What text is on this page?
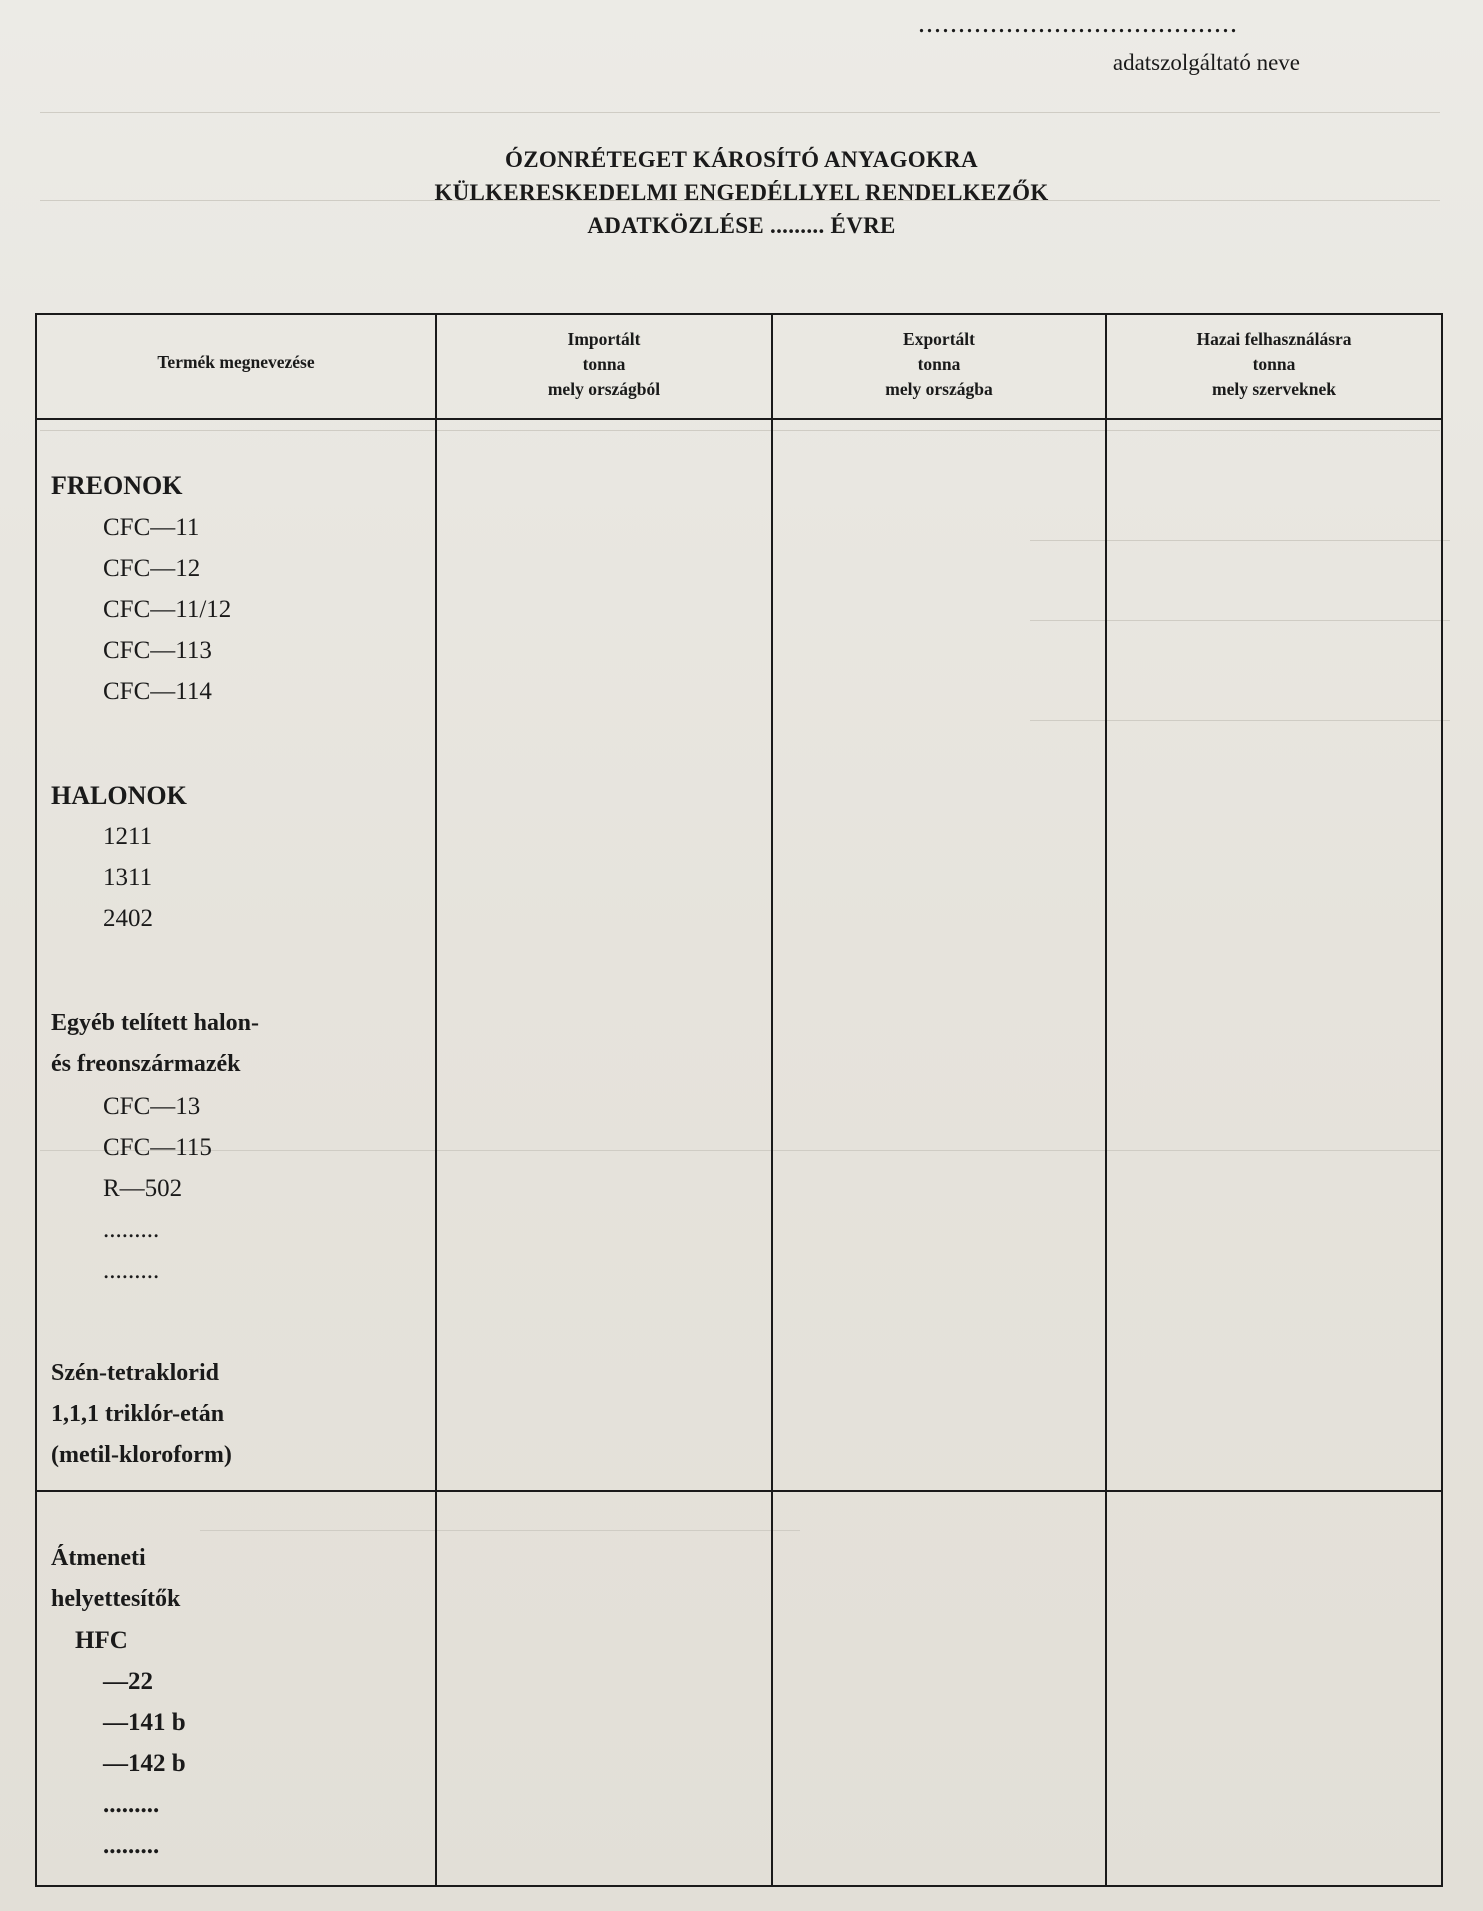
........................................
adatszolgáltató neve
ÓZONRÉTEGET KÁROSÍTÓ ANYAGOKRA
KÜLKERESKEDELMI ENGEDÉLLYEL RENDELKEZŐK
ADATKÖZLÉSE ......... ÉVRE
Termék megnevezése
Importált
tonna
mely országból
Exportált
tonna
mely országba
Hazai felhasználásra
tonna
mely szerveknek
FREONOK
CFC—11
CFC—12
CFC—11/12
CFC—113
CFC—114
HALONOK
1211
1311
2402
Egyéb telített halon-
és freonszármazék
CFC—13
CFC—115
R—502
.........
.........
Szén-tetraklorid
1,1,1 triklór-etán
(metil-kloroform)
Átmeneti
helyettesítők
HFC
—22
—141 b
—142 b
.........
.........
